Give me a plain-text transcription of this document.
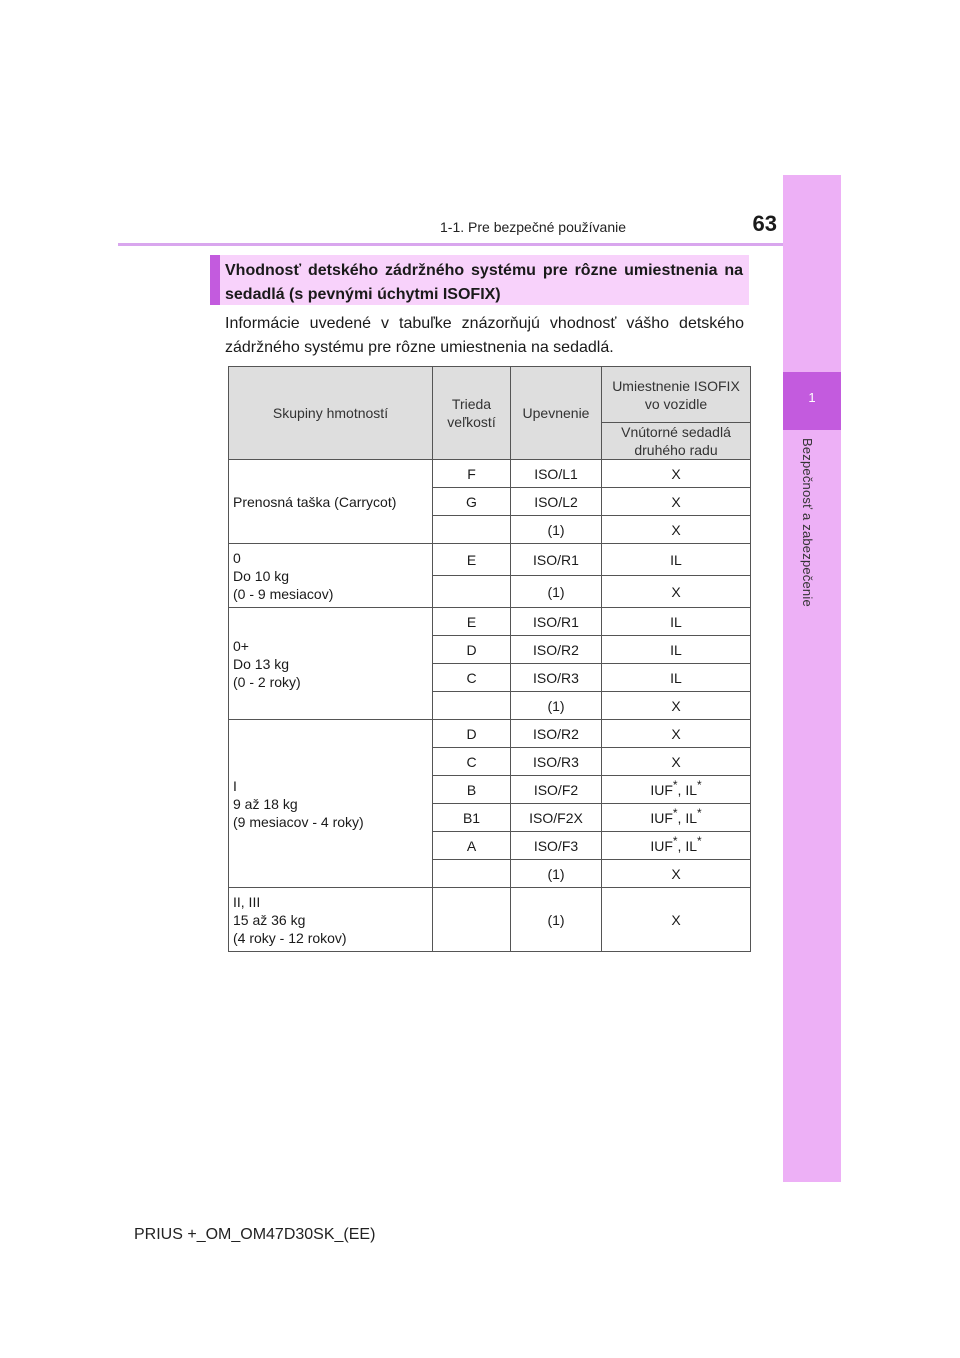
1-1. Pre bezpečné používanie	63
1
Bezpečnosť a zabezpečenie
Vhodnosť detského zádržného systému pre rôzne umiestnenia na sedadlá (s pevnými úchytmi ISOFIX)
Informácie uvedené v tabuľke znázorňujú vhodnosť vášho detského zádržného systému pre rôzne umiestnenia na sedadlá.
Skupiny hmotností	Trieda veľkostí	Upevnenie	Umiestnenie ISOFIX vo vozidle
			Vnútorné sedadlá druhého radu
Prenosná taška (Carrycot)	F	ISO/L1	X
	G	ISO/L2	X
		(1)	X
0
Do 10 kg
(0 - 9 mesiacov)	E	ISO/R1	IL
		(1)	X
0+
Do 13 kg
(0 - 2 roky)	E	ISO/R1	IL
	D	ISO/R2	IL
	C	ISO/R3	IL
		(1)	X
I
9 až 18 kg
(9 mesiacov - 4 roky)	D	ISO/R2	X
	C	ISO/R3	X
	B	ISO/F2	IUF*, IL*
	B1	ISO/F2X	IUF*, IL*
	A	ISO/F3	IUF*, IL*
		(1)	X
II, III
15 až 36 kg
(4 roky - 12 rokov)		(1)	X
PRIUS +_OM_OM47D30SK_(EE)
